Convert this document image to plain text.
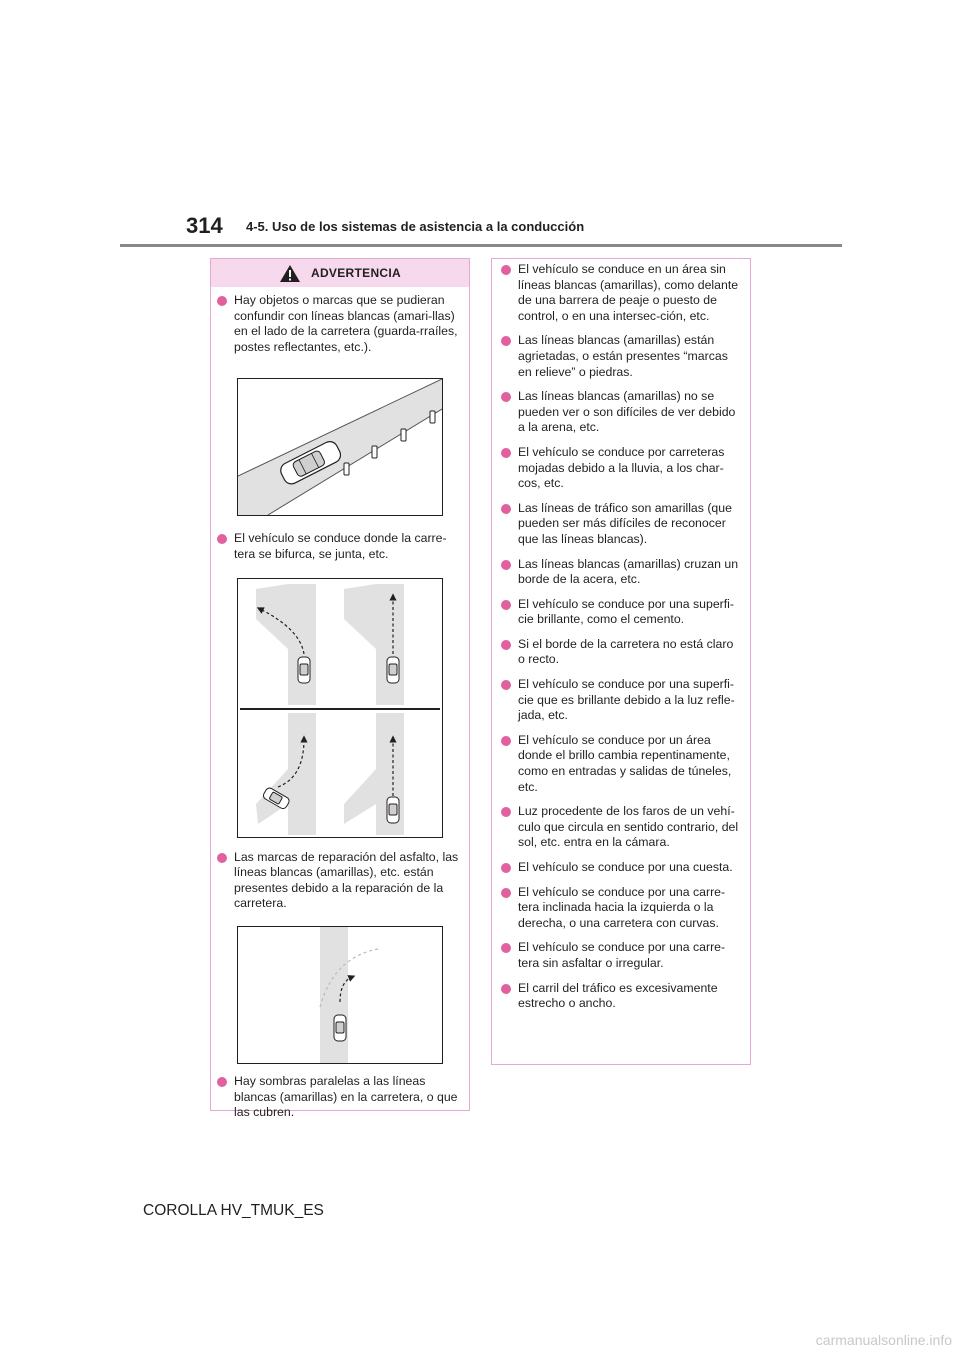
314 4-5. Uso de los sistemas de asistencia a la conducción
ADVERTENCIA
Hay objetos o marcas que se pudieran confundir con líneas blancas (amari-llas) en el lado de la carretera (guarda-rraíles, postes reflectantes, etc.).
El vehículo se conduce donde la carre-tera se bifurca, se junta, etc.
Las marcas de reparación del asfalto, las líneas blancas (amarillas), etc. están presentes debido a la reparación de la carretera.
Hay sombras paralelas a las líneas blancas (amarillas) en la carretera, o que las cubren.
El vehículo se conduce en un área sin líneas blancas (amarillas), como delante de una barrera de peaje o puesto de control, o en una intersec-ción, etc.
Las líneas blancas (amarillas) están agrietadas, o están presentes “marcas en relieve” o piedras.
Las líneas blancas (amarillas) no se pueden ver o son difíciles de ver debido a la arena, etc.
El vehículo se conduce por carreteras mojadas debido a la lluvia, a los char-cos, etc.
Las líneas de tráfico son amarillas (que pueden ser más difíciles de reconocer que las líneas blancas).
Las líneas blancas (amarillas) cruzan un borde de la acera, etc.
El vehículo se conduce por una superfi-cie brillante, como el cemento.
Si el borde de la carretera no está claro o recto.
El vehículo se conduce por una superfi-cie que es brillante debido a la luz refle-jada, etc.
El vehículo se conduce por un área donde el brillo cambia repentinamente, como en entradas y salidas de túneles, etc.
Luz procedente de los faros de un vehí-culo que circula en sentido contrario, del sol, etc. entra en la cámara.
El vehículo se conduce por una cuesta.
El vehículo se conduce por una carre-tera inclinada hacia la izquierda o la derecha, o una carretera con curvas.
El vehículo se conduce por una carre-tera sin asfaltar o irregular.
El carril del tráfico es excesivamente estrecho o ancho.
COROLLA HV_TMUK_ES
carmanualsonline.info
